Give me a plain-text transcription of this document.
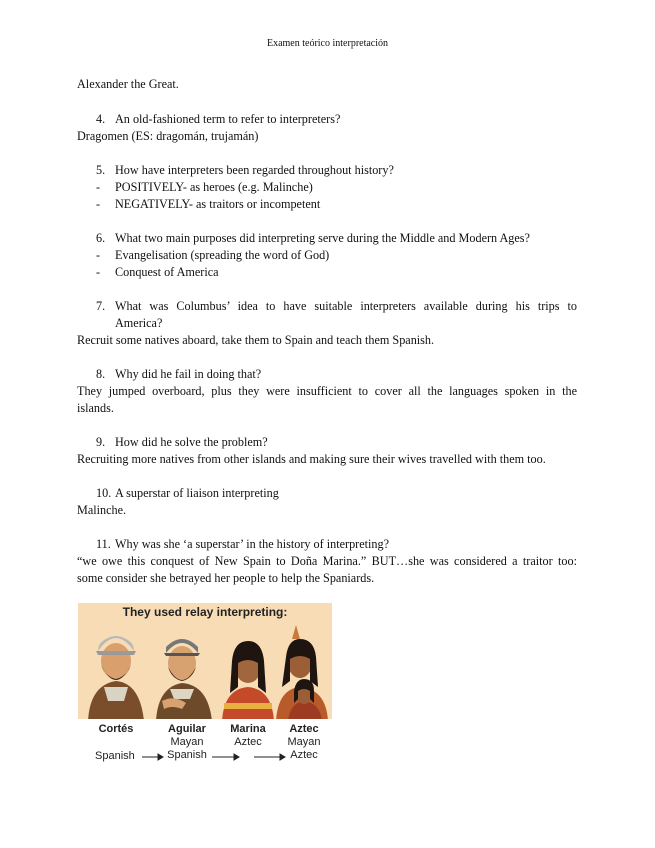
Examen teórico interpretación
Alexander the Great.
4. An old-fashioned term to refer to interpreters?
Dragomen (ES: dragomán, trujamán)
5. How have interpreters been regarded throughout history?
- POSITIVELY- as heroes (e.g. Malinche)
- NEGATIVELY- as traitors or incompetent
6. What two main purposes did interpreting serve during the Middle and Modern Ages?
- Evangelisation (spreading the word of God)
- Conquest of America
7. What was Columbus’ idea to have suitable interpreters available during his trips to
America?
Recruit some natives aboard, take them to Spain and teach them Spanish.
8. Why did he fail in doing that?
They jumped overboard, plus they were insufficient to cover all the languages spoken in the
islands.
9. How did he solve the problem?
Recruiting more natives from other islands and making sure their wives travelled with them too.
10. A superstar of liaison interpreting
Malinche.
11. Why was she ‘a superstar’ in the history of interpreting?
“we owe this conquest of New Spain to Doña Marina.” BUT…she was considered a traitor too:
some consider she betrayed her people to help the Spaniards.
They used relay interpreting:
Cortés	Aguilar
Mayan
Spanish
Marina
Aztec
Aztec
Mayan
Aztec
Spanish
